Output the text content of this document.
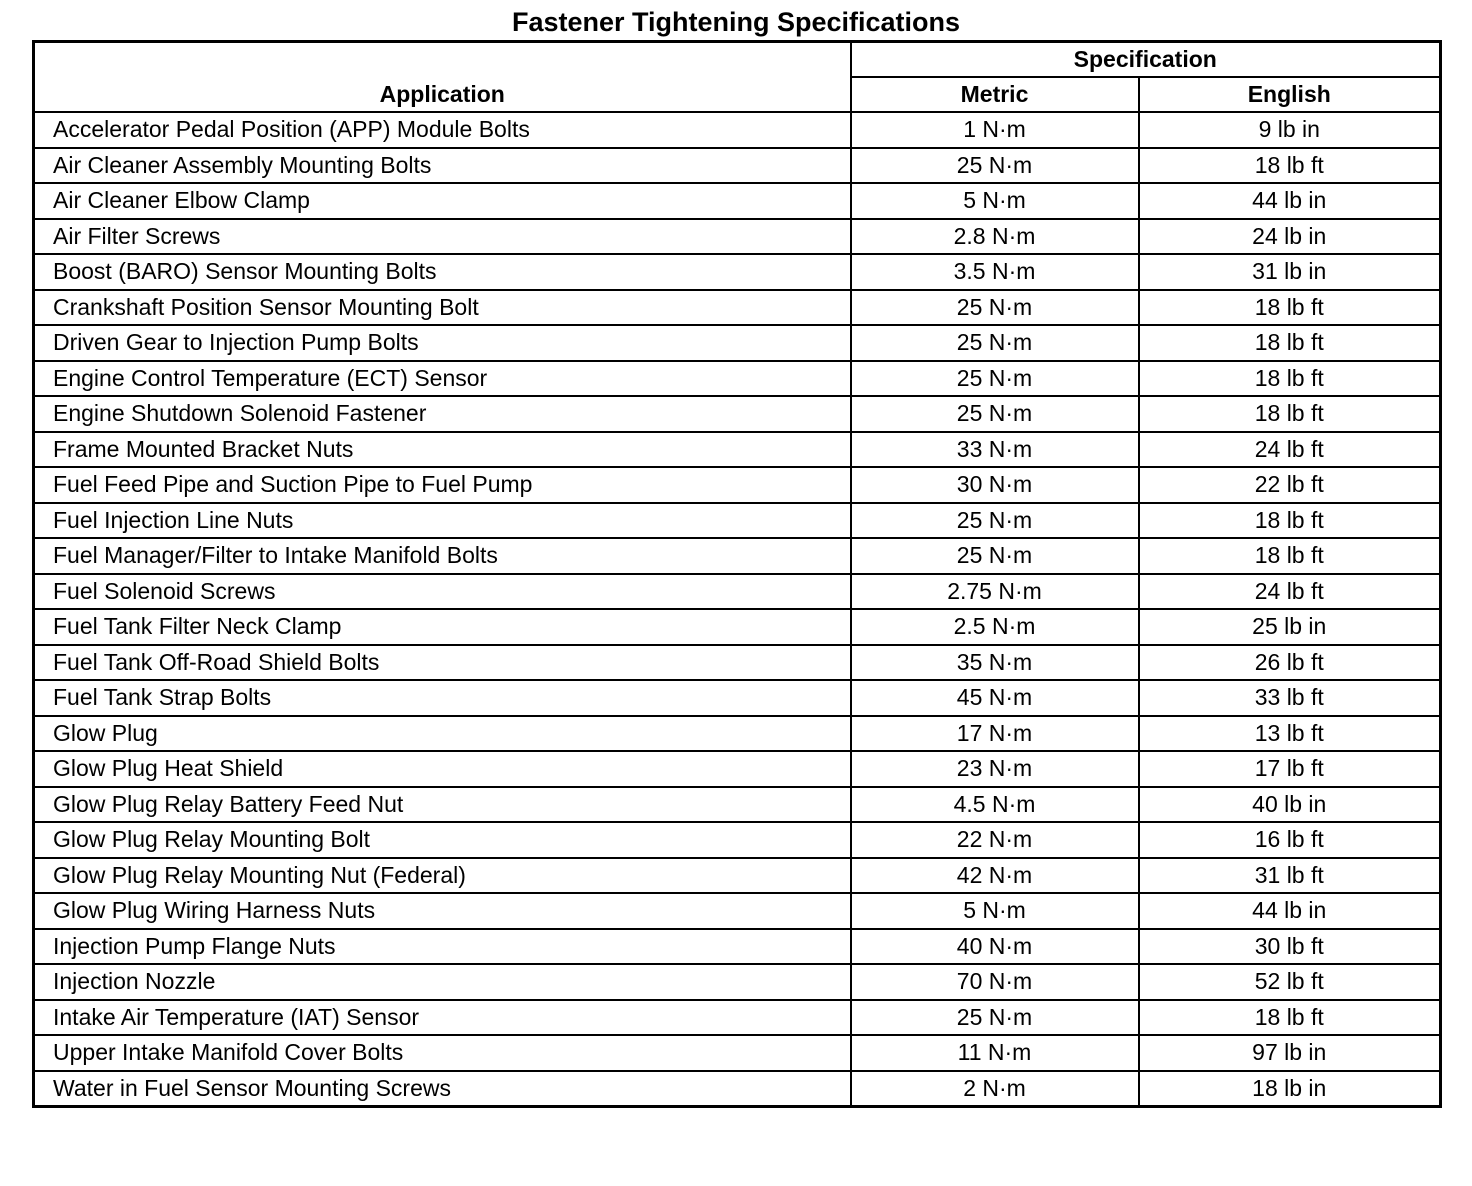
Fastener Tightening Specifications
Application	Specification	
	Metric	English
Accelerator Pedal Position (APP) Module Bolts	1 N·m	9 lb in
Air Cleaner Assembly Mounting Bolts	25 N·m	18 lb ft
Air Cleaner Elbow Clamp	5 N·m	44 lb in
Air Filter Screws	2.8 N·m	24 lb in
Boost (BARO) Sensor Mounting Bolts	3.5 N·m	31 lb in
Crankshaft Position Sensor Mounting Bolt	25 N·m	18 lb ft
Driven Gear to Injection Pump Bolts	25 N·m	18 lb ft
Engine Control Temperature (ECT) Sensor	25 N·m	18 lb ft
Engine Shutdown Solenoid Fastener	25 N·m	18 lb ft
Frame Mounted Bracket Nuts	33 N·m	24 lb ft
Fuel Feed Pipe and Suction Pipe to Fuel Pump	30 N·m	22 lb ft
Fuel Injection Line Nuts	25 N·m	18 lb ft
Fuel Manager/Filter to Intake Manifold Bolts	25 N·m	18 lb ft
Fuel Solenoid Screws	2.75 N·m	24 lb ft
Fuel Tank Filter Neck Clamp	2.5 N·m	25 lb in
Fuel Tank Off-Road Shield Bolts	35 N·m	26 lb ft
Fuel Tank Strap Bolts	45 N·m	33 lb ft
Glow Plug	17 N·m	13 lb ft
Glow Plug Heat Shield	23 N·m	17 lb ft
Glow Plug Relay Battery Feed Nut	4.5 N·m	40 lb in
Glow Plug Relay Mounting Bolt	22 N·m	16 lb ft
Glow Plug Relay Mounting Nut (Federal)	42 N·m	31 lb ft
Glow Plug Wiring Harness Nuts	5 N·m	44 lb in
Injection Pump Flange Nuts	40 N·m	30 lb ft
Injection Nozzle	70 N·m	52 lb ft
Intake Air Temperature (IAT) Sensor	25 N·m	18 lb ft
Upper Intake Manifold Cover Bolts	11 N·m	97 lb in
Water in Fuel Sensor Mounting Screws	2 N·m	18 lb in
